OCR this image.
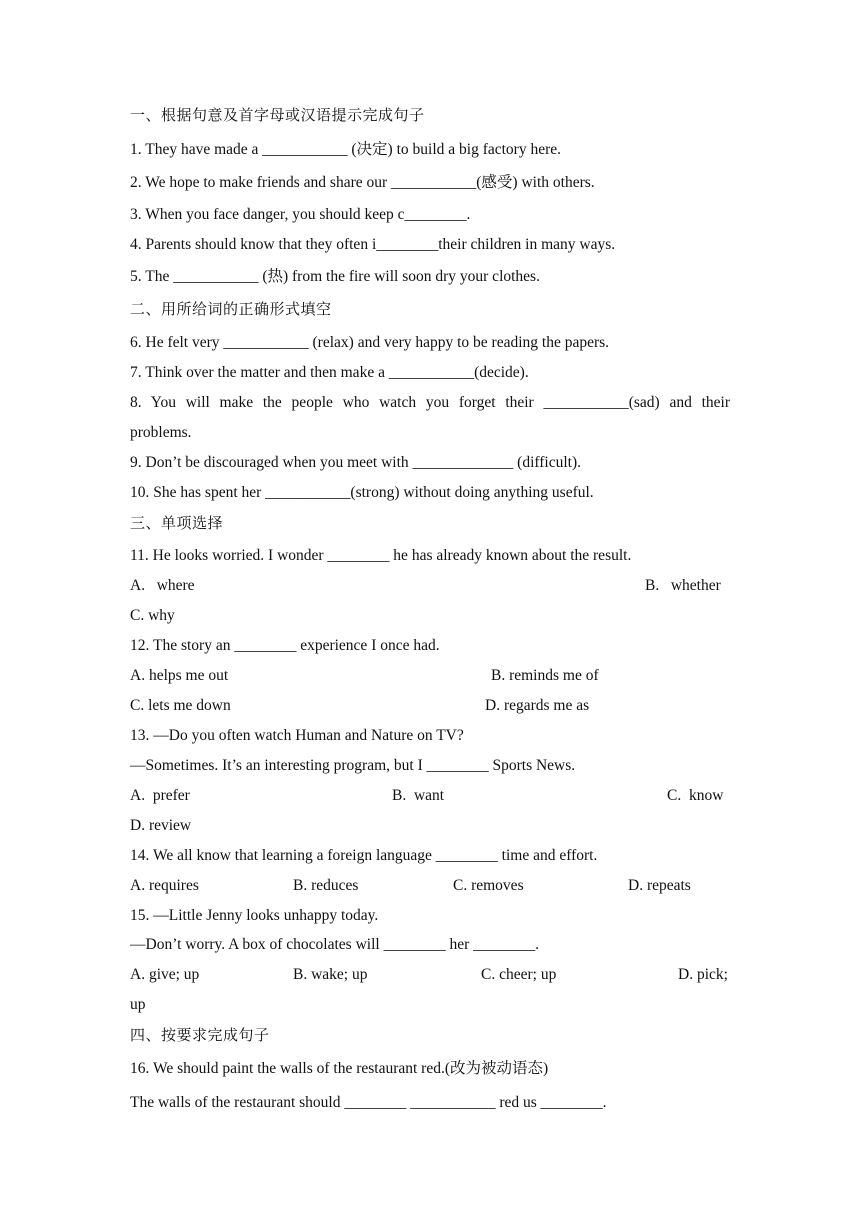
一、根据句意及首字母或汉语提示完成句子
1. They have made a ___________ (决定) to build a big factory here.
2. We hope to make friends and share our ___________(感受) with others.
3. When you face danger, you should keep c________.
4. Parents should know that they often i________their children in many ways.
5. The ___________ (热) from the fire will soon dry your clothes.
二、用所给词的正确形式填空
6. He felt very ___________ (relax) and very happy to be reading the papers.
7. Think over the matter and then make a ___________(decide).
8. You will make the people who watch you forget their ___________(sad) and their
problems.
9. Don’t be discouraged when you meet with _____________ (difficult).
10. She has spent her ___________(strong) without doing anything useful.
三、单项选择
11. He looks worried. I wonder ________ he has already known about the result.
A.   where	B.   whether
C. why
12. The story an ________ experience I once had.
A. helps me out	B. reminds me of
C. lets me down	D. regards me as
13. —Do you often watch Human and Nature on TV?
—Sometimes. It’s an interesting program, but I ________ Sports News.
A.  prefer	B.  want	C.  know
D. review
14. We all know that learning a foreign language ________ time and effort.
A. requires	B. reduces	C. removes	D. repeats
15. —Little Jenny looks unhappy today.
—Don’t worry. A box of chocolates will ________ her ________.
A. give; up	B. wake; up	C. cheer; up	D. pick;
up
四、按要求完成句子
16. We should paint the walls of the restaurant red.(改为被动语态)
The walls of the restaurant should ________ ___________ red us ________.
